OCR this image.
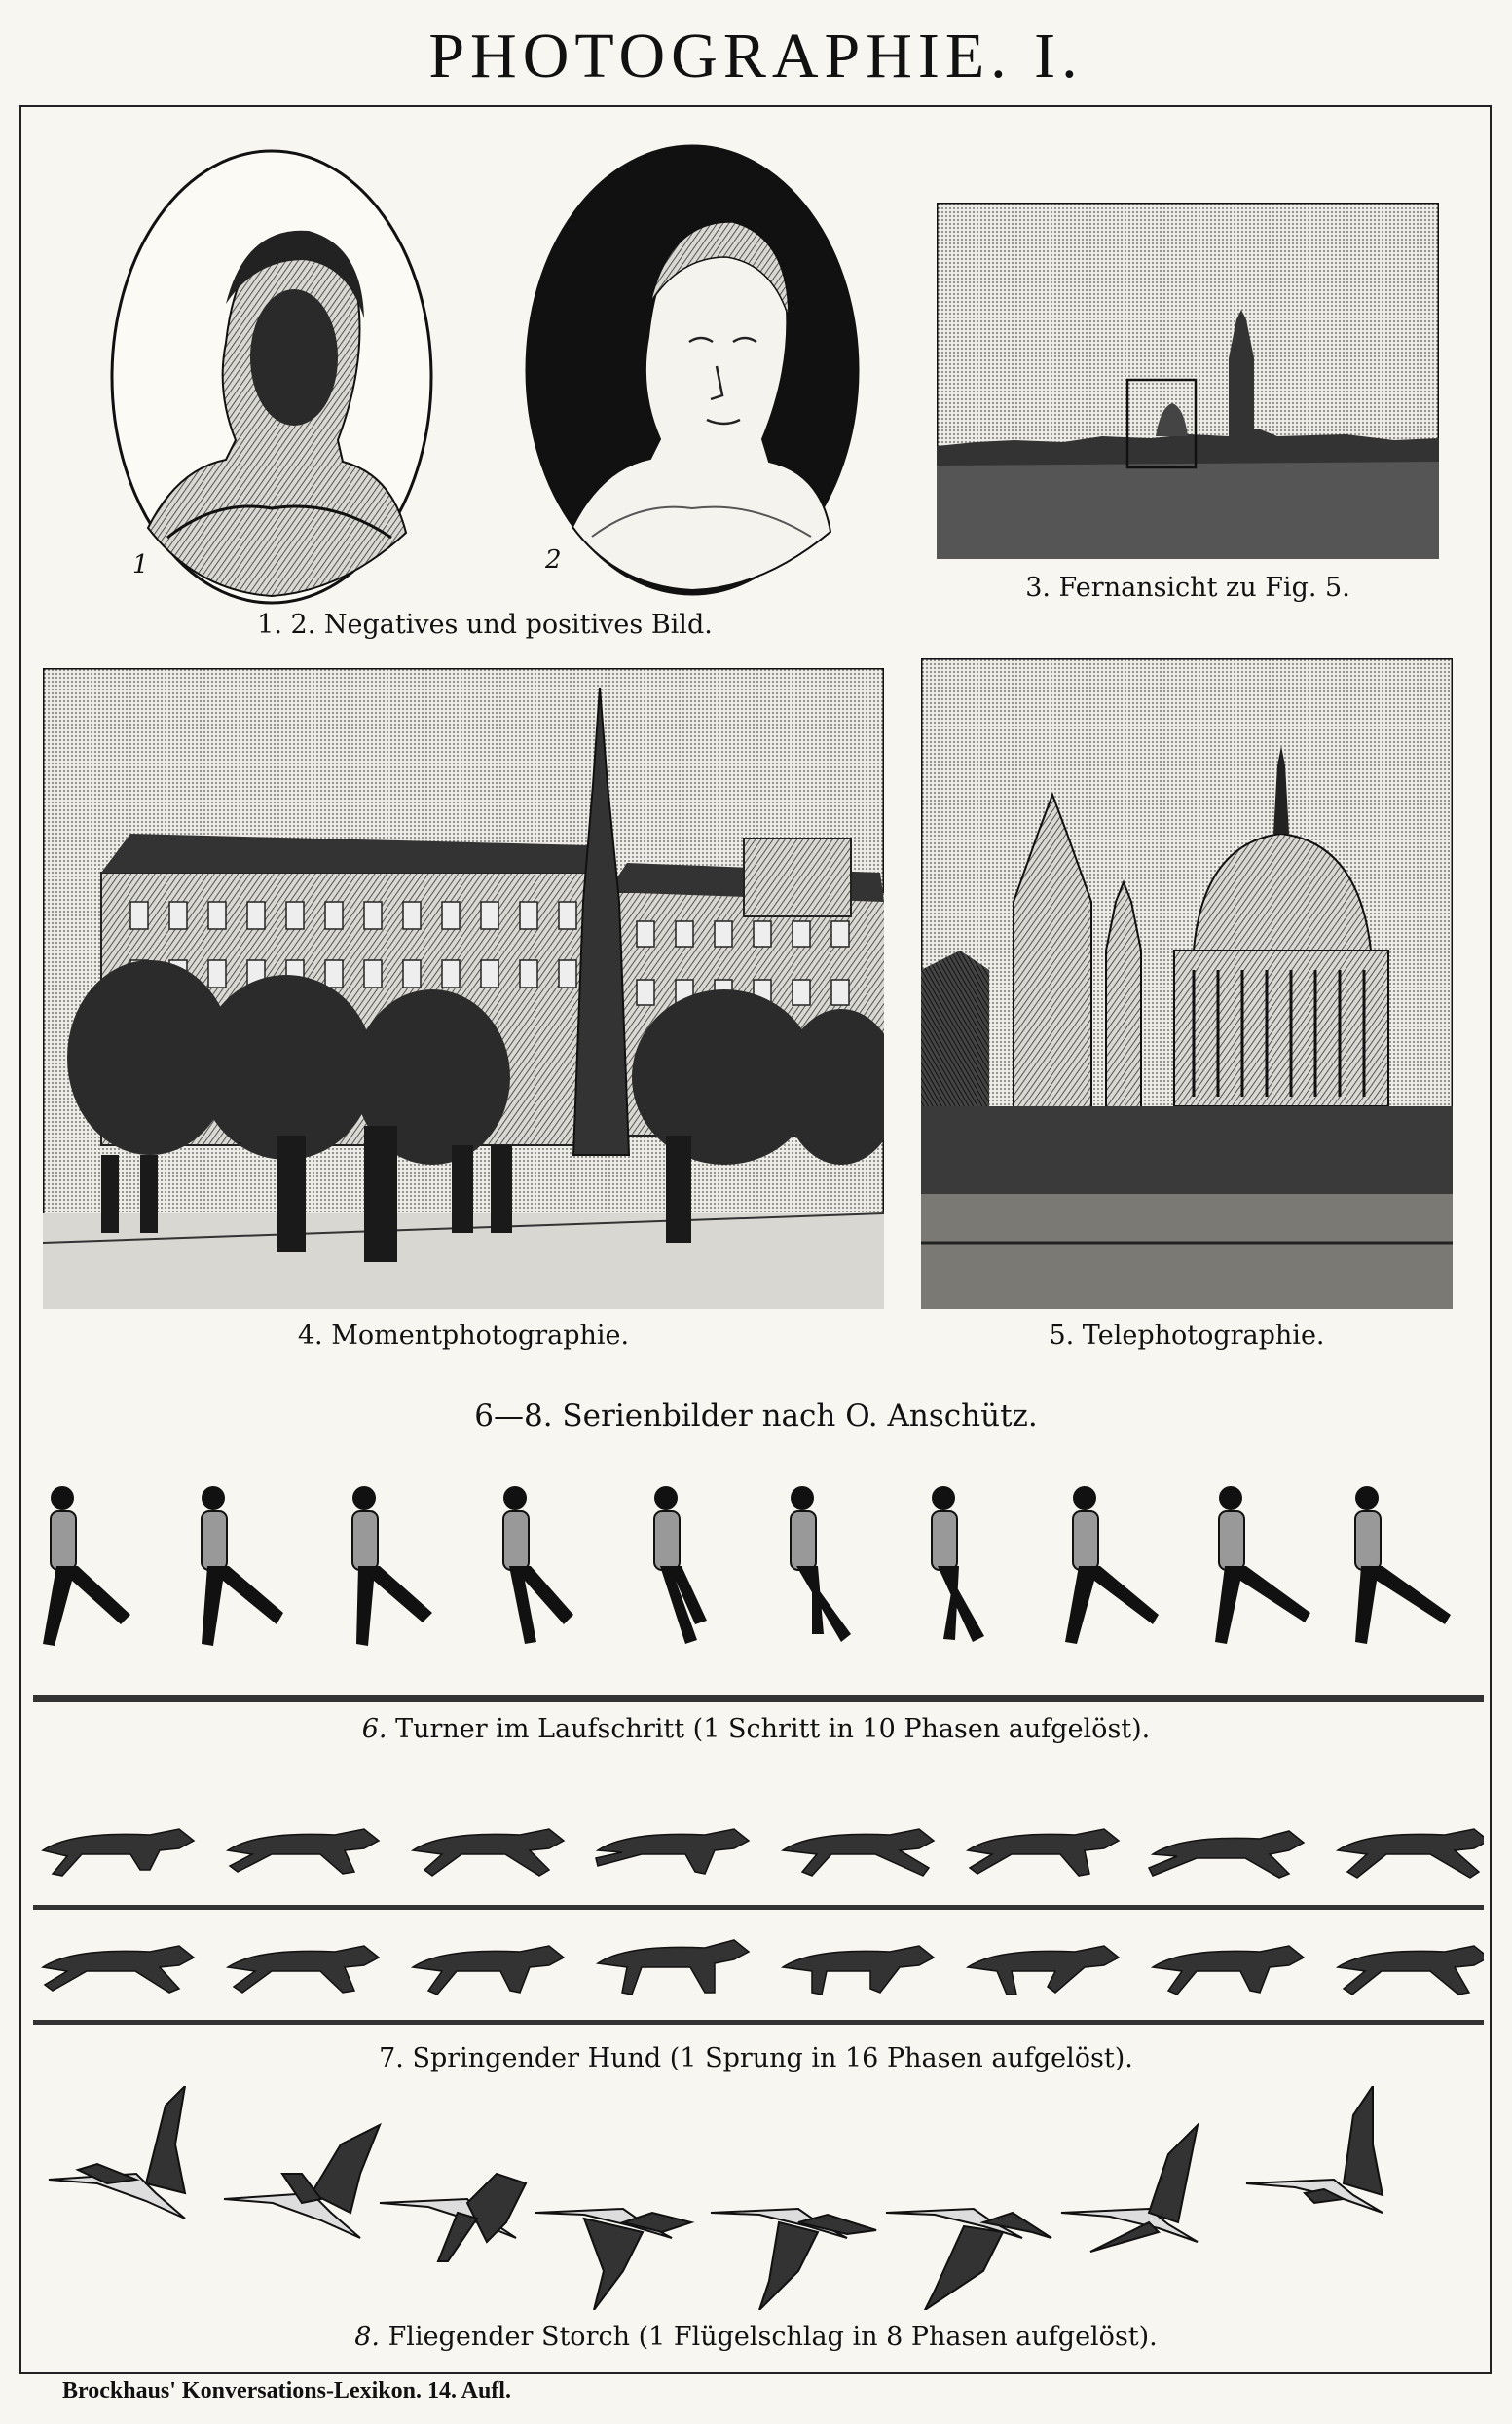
PHOTOGRAPHIE. I.
1	2
1. 2. Negatives und positives Bild.
3. Fernansicht zu Fig. 5.
4. Momentphotographie.	5. Telephotographie.
6—8. Serienbilder nach O. Anschütz.
6. Turner im Laufschritt (1 Schritt in 10 Phasen aufgelöst).
7. Springender Hund (1 Sprung in 16 Phasen aufgelöst).
8. Fliegender Storch (1 Flügelschlag in 8 Phasen aufgelöst).
Brockhaus' Konversations-Lexikon. 14. Aufl.
